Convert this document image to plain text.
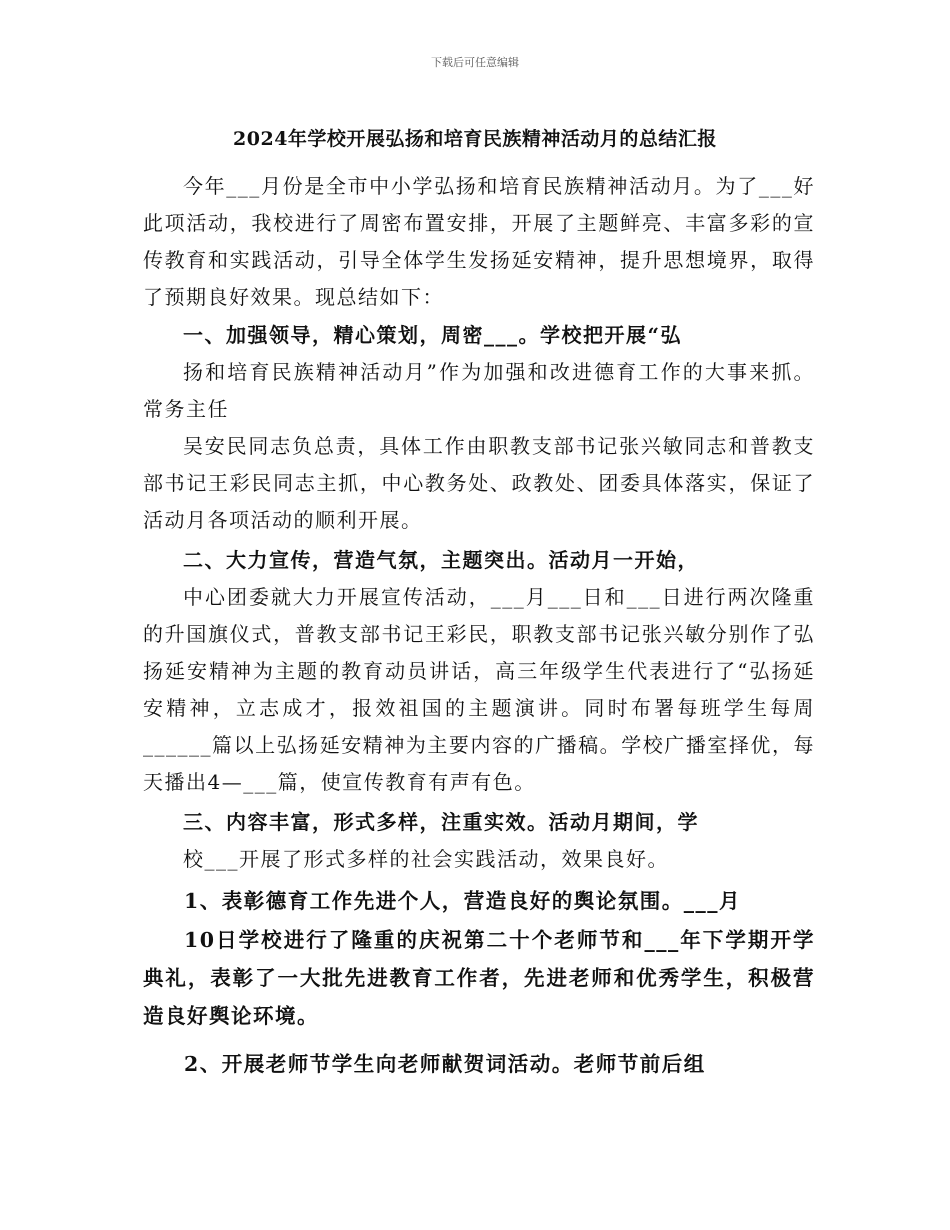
下载后可任意编辑
2024年学校开展弘扬和培育民族精神活动月的总结汇报

今年___月份是全市中小学弘扬和培育民族精神活动月。为了___好此项活动，我校进行了周密布置安排，开展了主题鲜亮、丰富多彩的宣传教育和实践活动，引导全体学生发扬延安精神，提升思想境界，取得了预期良好效果。现总结如下：

一、加强领导，精心策划，周密___。学校把开展“弘

扬和培育民族精神活动月”作为加强和改进德育工作的大事来抓。常务主任

吴安民同志负总责，具体工作由职教支部书记张兴敏同志和普教支部书记王彩民同志主抓，中心教务处、政教处、团委具体落实，保证了活动月各项活动的顺利开展。

二、大力宣传，营造气氛，主题突出。活动月一开始，

中心团委就大力开展宣传活动，___月___日和___日进行两次隆重的升国旗仪式，普教支部书记王彩民，职教支部书记张兴敏分别作了弘扬延安精神为主题的教育动员讲话，高三年级学生代表进行了“弘扬延安精神，立志成才，报效祖国的主题演讲。同时布署每班学生每周______篇以上弘扬延安精神为主要内容的广播稿。学校广播室择优，每天播出4—___篇，使宣传教育有声有色。

三、内容丰富，形式多样，注重实效。活动月期间，学

校___开展了形式多样的社会实践活动，效果良好。

1、表彰德育工作先进个人，营造良好的舆论氛围。___月

10日学校进行了隆重的庆祝第二十个老师节和___年下学期开学典礼，表彰了一大批先进教育工作者，先进老师和优秀学生，积极营造良好舆论环境。

2、开展老师节学生向老师献贺词活动。老师节前后组
